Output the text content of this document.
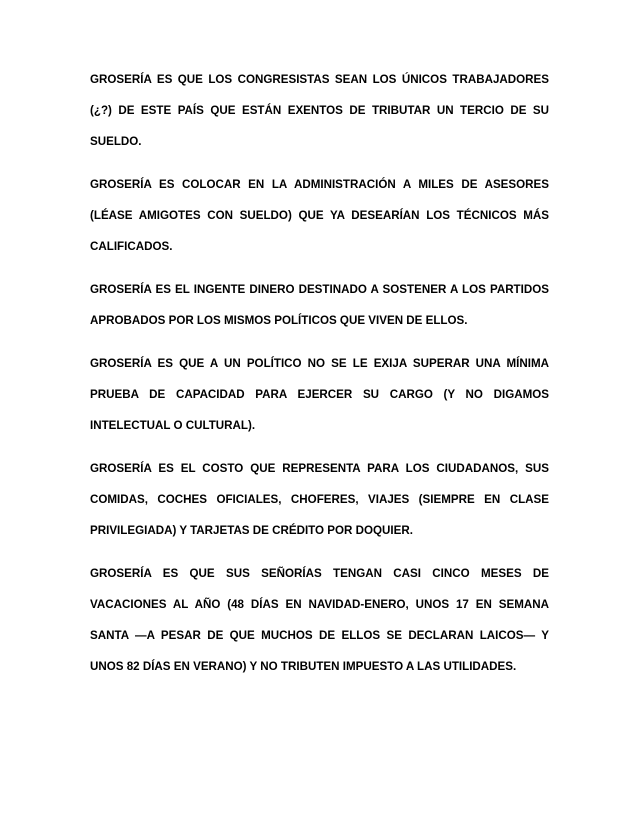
GROSERÍA ES QUE LOS CONGRESISTAS SEAN LOS ÚNICOS TRABAJADORES (¿?) DE ESTE PAÍS QUE ESTÁN EXENTOS DE TRIBUTAR UN TERCIO DE SU SUELDO.

GROSERÍA ES COLOCAR EN LA ADMINISTRACIÓN A MILES DE ASESORES (LÉASE AMIGOTES CON SUELDO) QUE YA DESEARÍAN LOS TÉCNICOS MÁS CALIFICADOS.

GROSERÍA ES EL INGENTE DINERO DESTINADO A SOSTENER A LOS PARTIDOS APROBADOS POR LOS MISMOS POLÍTICOS QUE VIVEN DE ELLOS.

GROSERÍA ES QUE A UN POLÍTICO NO SE LE EXIJA SUPERAR UNA MÍNIMA PRUEBA DE CAPACIDAD PARA EJERCER SU CARGO (Y NO DIGAMOS INTELECTUAL O CULTURAL).

GROSERÍA ES EL COSTO QUE REPRESENTA PARA LOS CIUDADANOS, SUS COMIDAS, COCHES OFICIALES, CHOFERES, VIAJES (SIEMPRE EN CLASE PRIVILEGIADA) Y TARJETAS DE CRÉDITO POR DOQUIER.

GROSERÍA ES QUE SUS SEÑORÍAS TENGAN CASI CINCO MESES DE VACACIONES AL AÑO (48 DÍAS EN NAVIDAD-ENERO, UNOS 17 EN SEMANA SANTA —A PESAR DE QUE MUCHOS DE ELLOS SE DECLARAN LAICOS— Y UNOS 82 DÍAS EN VERANO) Y NO TRIBUTEN IMPUESTO A LAS UTILIDADES.
